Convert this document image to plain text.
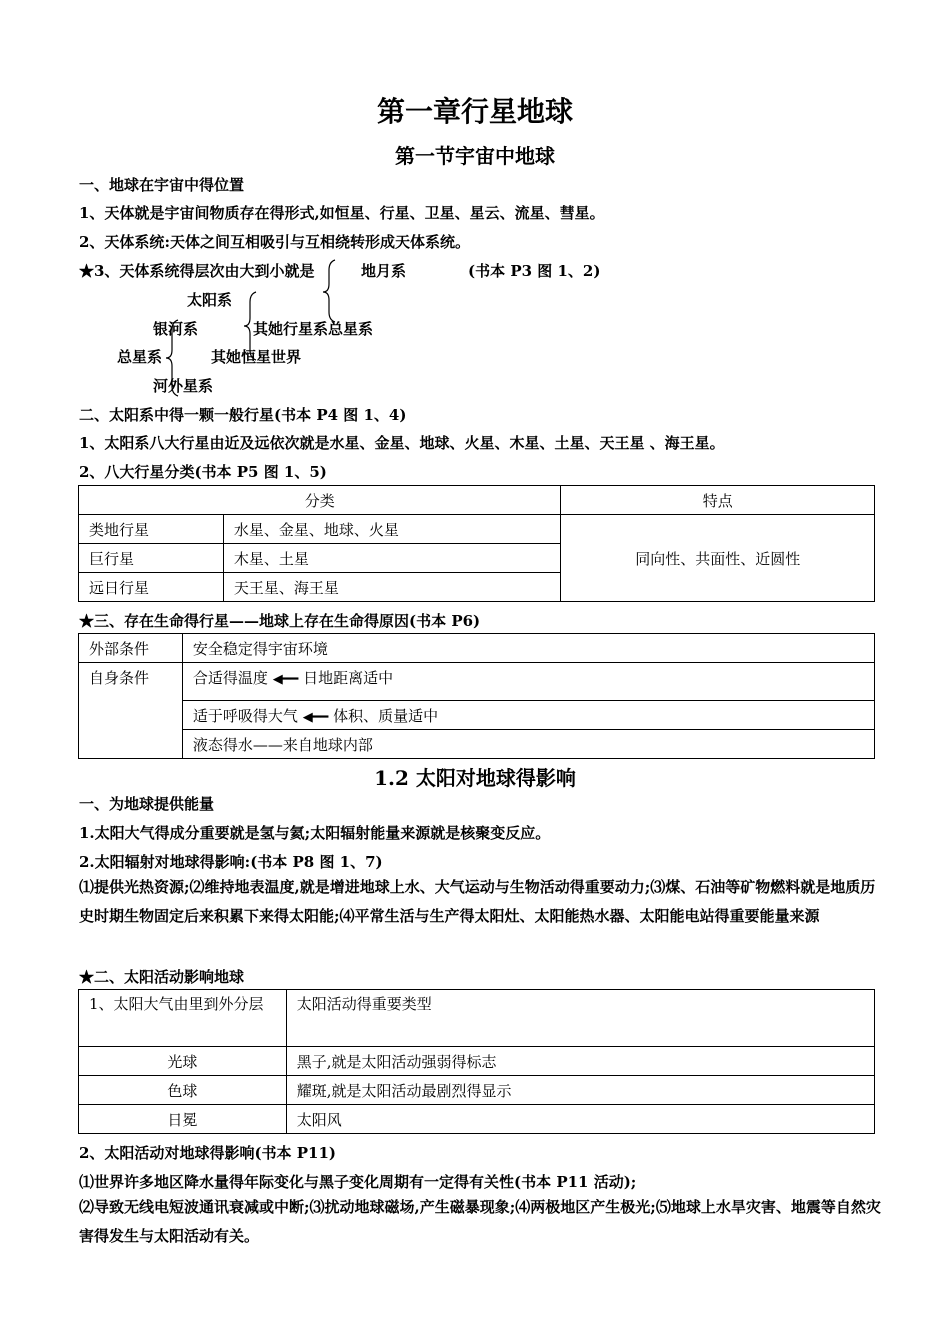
第一章行星地球
第一节宇宙中地球
一、地球在宇宙中得位置
1、天体就是宇宙间物质存在得形式,如恒星、行星、卫星、星云、流星、彗星。
2、天体系统:天体之间互相吸引与互相绕转形成天体系统。
★3、天体系统得层次由大到小就是	地月系	(书本 P3 图 1、2)
太阳系
银河系	其她行星系总星系
总星系	其她恒星世界
河外星系
二、太阳系中得一颗一般行星(书本 P4 图 1、4)
1、太阳系八大行星由近及远依次就是水星、金星、地球、火星、木星、土星、天王星 、海王星。
2、八大行星分类(书本 P5 图 1、5)
分类		特点
类地行星	水星、金星、地球、火星	同向性、共面性、近圆性
巨行星	木星、土星	
远日行星	天王星、海王星	
★三、存在生命得行星——地球上存在生命得原因(书本 P6)
外部条件	安全稳定得宇宙环境
自身条件	合适得温度 ◀━━ 日地距离适中
	适于呼吸得大气 ◀━━ 体积、质量适中
	液态得水——来自地球内部
1.2 太阳对地球得影响
一、为地球提供能量
1.太阳大气得成分重要就是氢与氦;太阳辐射能量来源就是核聚变反应。
2.太阳辐射对地球得影响:(书本 P8 图 1、7)
⑴提供光热资源;⑵维持地表温度,就是增进地球上水、大气运动与生物活动得重要动力;⑶煤、石油等矿物燃料就是地质历史时期生物固定后来积累下来得太阳能;⑷平常生活与生产得太阳灶、太阳能热水器、太阳能电站得重要能量来源
★二、太阳活动影响地球
1、太阳大气由里到外分层	太阳活动得重要类型
光球	黑子,就是太阳活动强弱得标志
色球	耀斑,就是太阳活动最剧烈得显示
日冕	太阳风
2、太阳活动对地球得影响(书本 P11)
⑴世界许多地区降水量得年际变化与黑子变化周期有一定得有关性(书本 P11 活动);
⑵导致无线电短波通讯衰减或中断;⑶扰动地球磁场,产生磁暴现象;⑷两极地区产生极光;⑸地球上水旱灾害、地震等自然灾害得发生与太阳活动有关。
